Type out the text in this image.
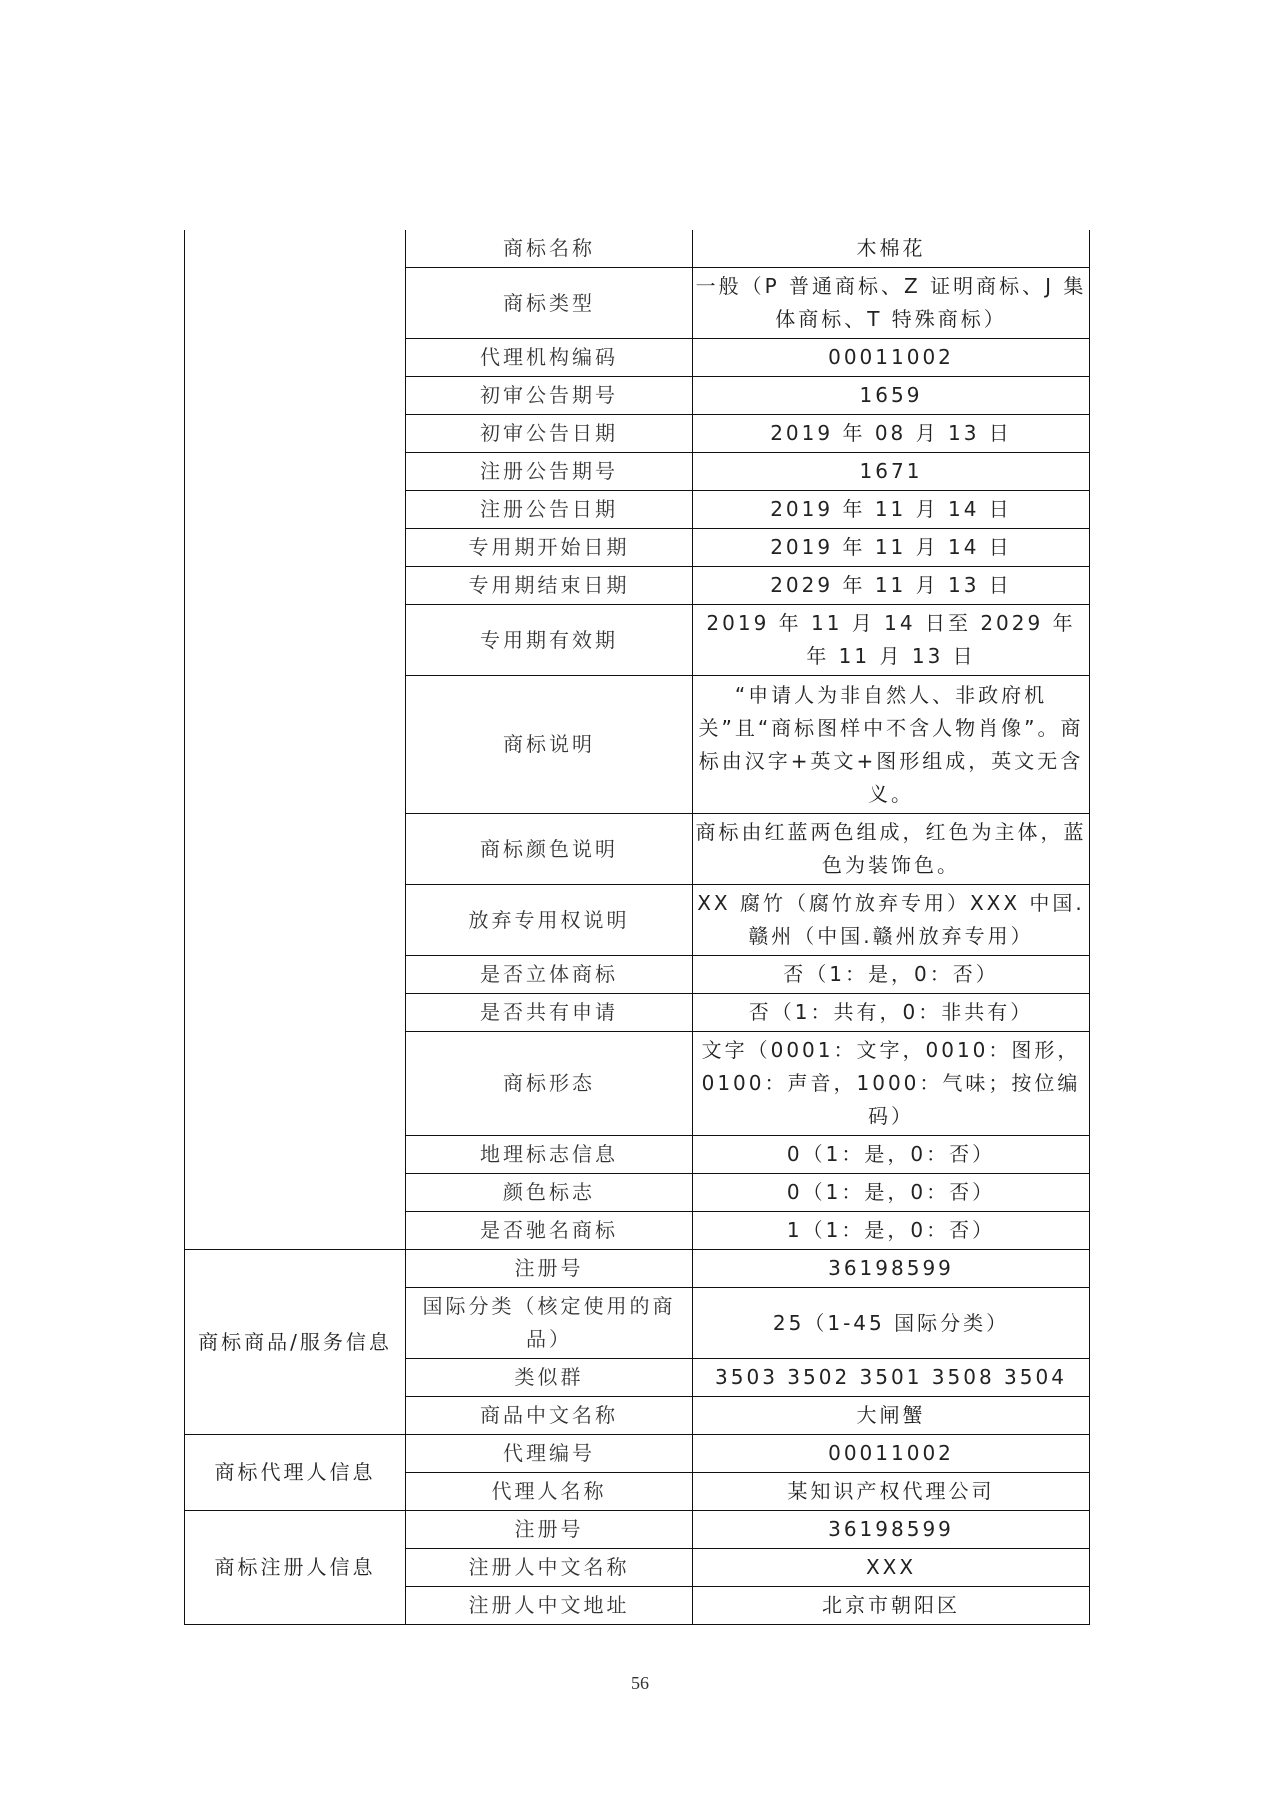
	商标名称	木棉花
	商标类型	一般（P 普通商标、Z 证明商标、J 集体商标、T 特殊商标）
	代理机构编码	00011002
	初审公告期号	1659
	初审公告日期	2019 年 08 月 13 日
	注册公告期号	1671
	注册公告日期	2019 年 11 月 14 日
	专用期开始日期	2019 年 11 月 14 日
	专用期结束日期	2029 年 11 月 13 日
	专用期有效期	2019 年 11 月 14 日至 2029 年年 11 月 13 日
	商标说明	“申请人为非自然人、非政府机关”且“商标图样中不含人物肖像”。商标由汉字+英文+图形组成，英文无含义。
	商标颜色说明	商标由红蓝两色组成，红色为主体，蓝色为装饰色。
	放弃专用权说明	XX 腐竹（腐竹放弃专用）XXX 中国.赣州（中国.赣州放弃专用）
	是否立体商标	否（1：是，0：否）
	是否共有申请	否（1：共有，0：非共有）
	商标形态	文字（0001：文字，0010：图形，0100：声音，1000：气味；按位编码）
	地理标志信息	0（1：是，0：否）
	颜色标志	0（1：是，0：否）
	是否驰名商标	1（1：是，0：否）
商标商品/服务信息	注册号	36198599
	国际分类（核定使用的商品）	25（1-45 国际分类）
	类似群	3503 3502 3501 3508 3504
	商品中文名称	大闸蟹
商标代理人信息	代理编号	00011002
	代理人名称	某知识产权代理公司
商标注册人信息	注册号	36198599
	注册人中文名称	XXX
	注册人中文地址	北京市朝阳区
56
